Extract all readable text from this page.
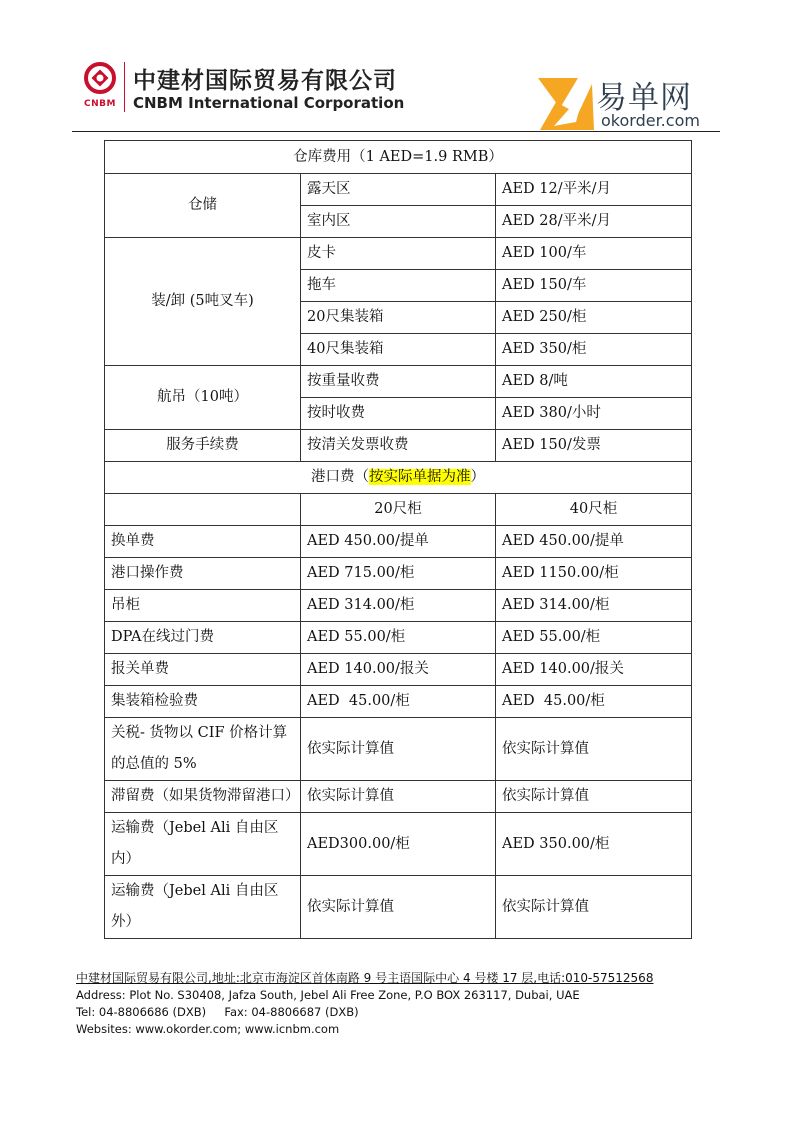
CNBM
中建材国际贸易有限公司
CNBM International Corporation	易单网
okorder.com
仓库费用（1 AED=1.9 RMB）		
仓储	露天区	AED 12/平米/月
	室内区	AED 28/平米/月
装/卸 (5吨叉车)	皮卡	AED 100/车
	拖车	AED 150/车
	20尺集装箱	AED 250/柜
	40尺集装箱	AED 350/柜
航吊（10吨）	按重量收费	AED 8/吨
	按时收费	AED 380/小时
服务手续费	按清关发票收费	AED 150/发票
港口费（按实际单据为准）		
	20尺柜	40尺柜
换单费	AED 450.00/提单	AED 450.00/提单
港口操作费	AED 715.00/柜	AED 1150.00/柜
吊柜	AED 314.00/柜	AED 314.00/柜
DPA在线过门费	AED 55.00/柜	AED 55.00/柜
报关单费	AED 140.00/报关	AED 140.00/报关
集装箱检验费	AED  45.00/柜	AED  45.00/柜
关税- 货物以 CIF 价格计算的总值的 5%	依实际计算值	依实际计算值
滞留费（如果货物滞留港口）	依实际计算值	依实际计算值
运输费（Jebel Ali 自由区内）	AED300.00/柜	AED 350.00/柜
运输费（Jebel Ali 自由区外）	依实际计算值	依实际计算值
中建材国际贸易有限公司,地址:北京市海淀区首体南路 9 号主语国际中心 4 号楼 17 层,电话:010-57512568
Address: Plot No. S30408, Jafza South, Jebel Ali Free Zone, P.O BOX 263117, Dubai, UAE
Tel: 04-8806686 (DXB)     Fax: 04-8806687 (DXB)
Websites: www.okorder.com; www.icnbm.com
